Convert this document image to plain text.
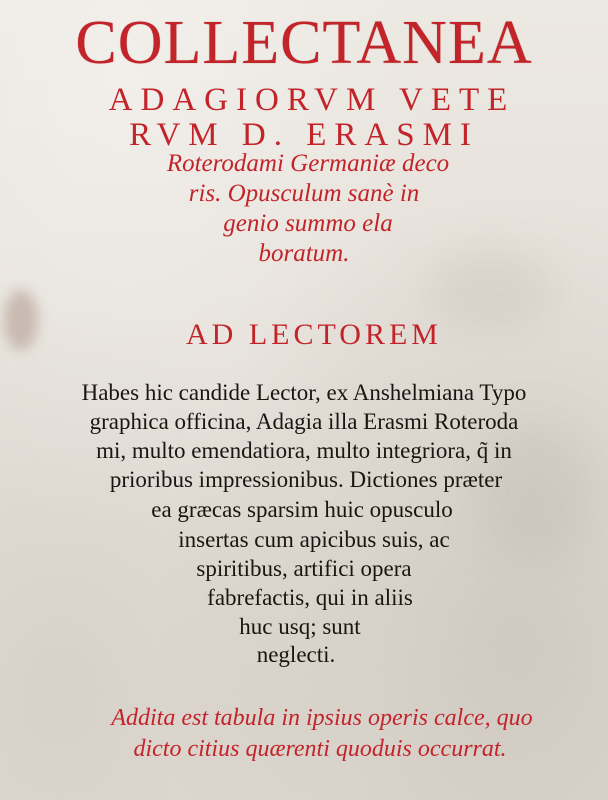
COLLECTANEA
ADAGIORVM VETE
RVM D. ERASMI
Roterodami Germaniæ deco
ris. Opusculum sanè in
genio summo ela
boratum.
AD LECTOREM
Habes hic candide Lector, ex Anshelmiana Typo
graphica officina, Adagia illa Erasmi Roteroda
mi, multo emendatiora, multo integriora, q̃ in
prioribus impressionibus. Dictiones præter
ea græcas sparsim huic opusculo
insertas cum apicibus suis, ac
spiritibus, artifici opera
fabrefactis, qui in aliis
huc usq; sunt
neglecti.
Addita est tabula in ipsius operis calce, quo
dicto citius quærenti quoduis occurrat.
